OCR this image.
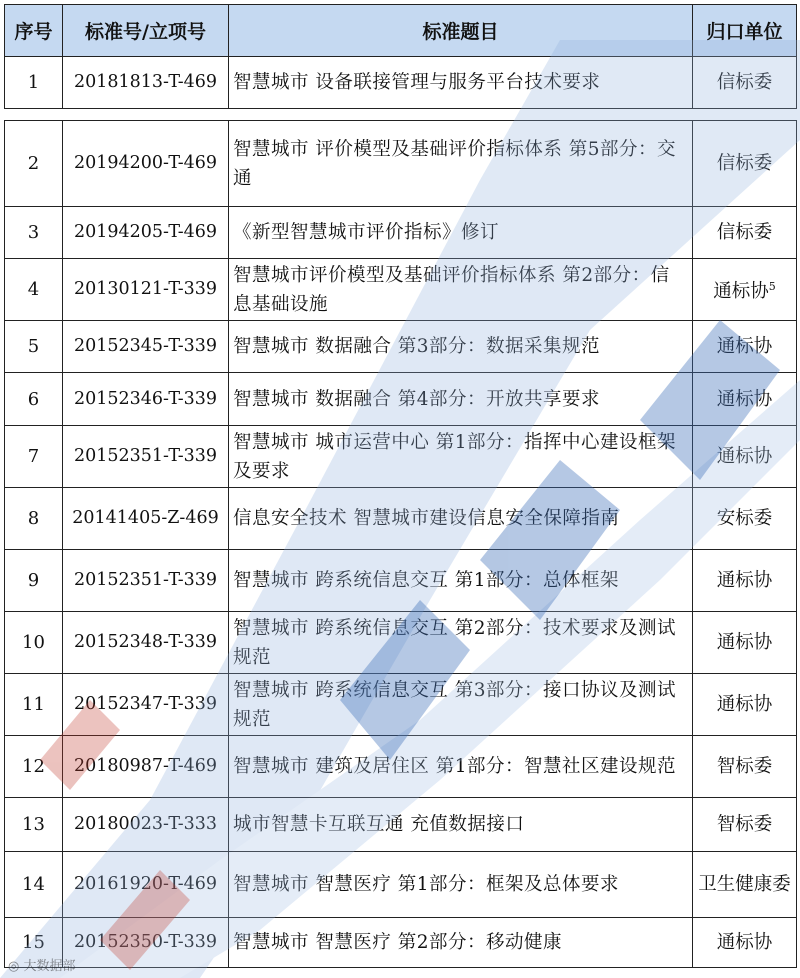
序号	标准号/立项号	标准题目	归口单位
1	20181813-T-469	智慧城市 设备联接管理与服务平台技术要求	信标委
2	20194200-T-469	智慧城市 评价模型及基础评价指标体系 第5部分：交通	信标委
3	20194205-T-469	《新型智慧城市评价指标》修订	信标委
4	20130121-T-339	智慧城市评价模型及基础评价指标体系 第2部分：信息基础设施	通标协$^5$
5	20152345-T-339	智慧城市 数据融合 第3部分：数据采集规范	通标协
6	20152346-T-339	智慧城市 数据融合 第4部分：开放共享要求	通标协
7	20152351-T-339	智慧城市 城市运营中心 第1部分：指挥中心建设框架及要求	通标协
8	20141405-Z-469	信息安全技术 智慧城市建设信息安全保障指南	安标委
9	20152351-T-339	智慧城市 跨系统信息交互 第1部分：总体框架	通标协
10	20152348-T-339	智慧城市 跨系统信息交互 第2部分：技术要求及测试规范	通标协
11	20152347-T-339	智慧城市 跨系统信息交互 第3部分：接口协议及测试规范	通标协
12	20180987-T-469	智慧城市 建筑及居住区 第1部分：智慧社区建设规范	智标委
13	20180023-T-333	城市智慧卡互联互通 充值数据接口	智标委
14	20161920-T-469	智慧城市 智慧医疗 第1部分：框架及总体要求	卫生健康委
15	20152350-T-339	智慧城市 智慧医疗 第2部分：移动健康	通标协
◎ 大数据部
